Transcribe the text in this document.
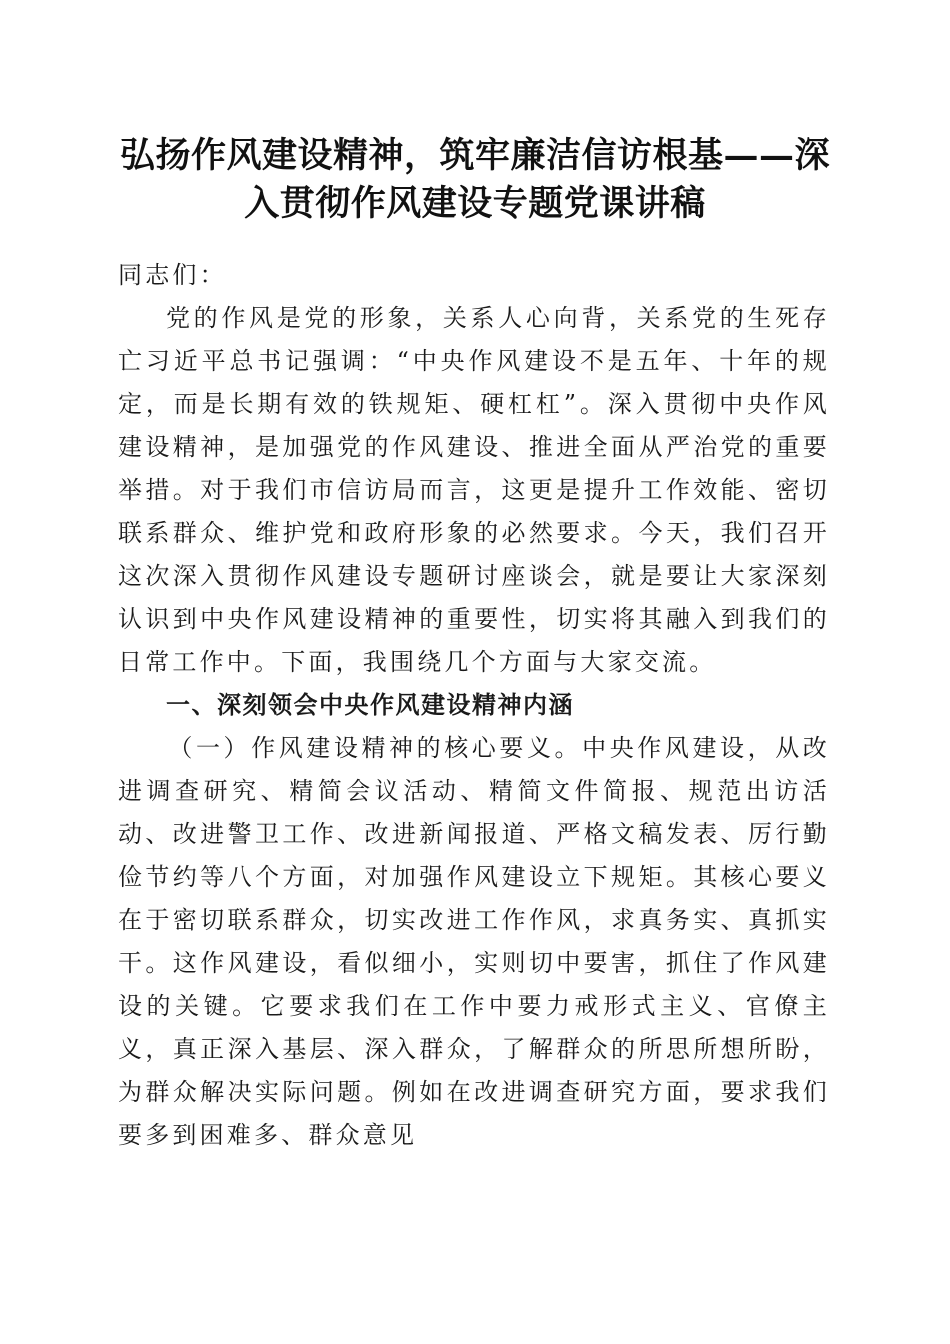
弘扬作风建设精神，筑牢廉洁信访根基——深
入贯彻作风建设专题党课讲稿

同志们：

党的作风是党的形象，关系人心向背，关系党的生死存亡习近平总书记强调：“中央作风建设不是五年、十年的规定，而是长期有效的铁规矩、硬杠杠”。深入贯彻中央作风建设精神，是加强党的作风建设、推进全面从严治党的重要举措。对于我们市信访局而言，这更是提升工作效能、密切联系群众、维护党和政府形象的必然要求。今天，我们召开这次深入贯彻作风建设专题研讨座谈会，就是要让大家深刻认识到中央作风建设精神的重要性，切实将其融入到我们的日常工作中。下面，我围绕几个方面与大家交流。

一、深刻领会中央作风建设精神内涵

（一）作风建设精神的核心要义。中央作风建设，从改进调查研究、精简会议活动、精简文件简报、规范出访活动、改进警卫工作、改进新闻报道、严格文稿发表、厉行勤俭节约等八个方面，对加强作风建设立下规矩。其核心要义在于密切联系群众，切实改进工作作风，求真务实、真抓实干。这作风建设，看似细小，实则切中要害，抓住了作风建设的关键。它要求我们在工作中要力戒形式主义、官僚主义，真正深入基层、深入群众，了解群众的所思所想所盼，为群众解决实际问题。例如在改进调查研究方面，要求我们要多到困难多、群众意见
